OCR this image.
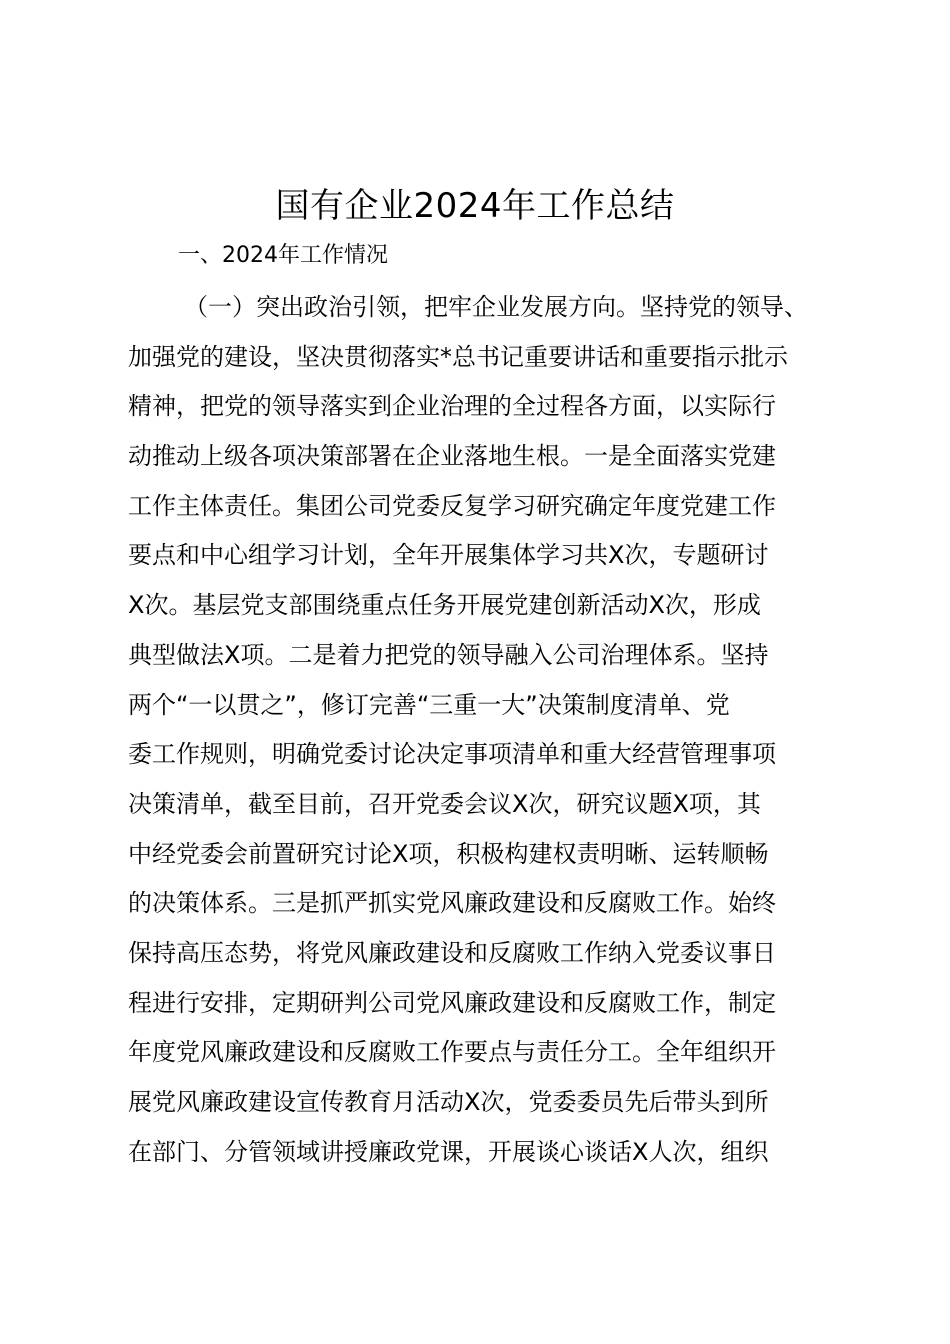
国有企业2024年工作总结
一、2024年工作情况
（一）突出政治引领，把牢企业发展方向。坚持党的领导、
加强党的建设，坚决贯彻落实*总书记重要讲话和重要指示批示
精神，把党的领导落实到企业治理的全过程各方面，以实际行
动推动上级各项决策部署在企业落地生根。一是全面落实党建
工作主体责任。集团公司党委反复学习研究确定年度党建工作
要点和中心组学习计划，全年开展集体学习共X次，专题研讨
X次。基层党支部围绕重点任务开展党建创新活动X次，形成
典型做法X项。二是着力把党的领导融入公司治理体系。坚持
两个“一以贯之”，修订完善“三重一大”决策制度清单、党
委工作规则，明确党委讨论决定事项清单和重大经营管理事项
决策清单，截至目前，召开党委会议X次，研究议题X项，其
中经党委会前置研究讨论X项，积极构建权责明晰、运转顺畅
的决策体系。三是抓严抓实党风廉政建设和反腐败工作。始终
保持高压态势，将党风廉政建设和反腐败工作纳入党委议事日
程进行安排，定期研判公司党风廉政建设和反腐败工作，制定
年度党风廉政建设和反腐败工作要点与责任分工。全年组织开
展党风廉政建设宣传教育月活动X次，党委委员先后带头到所
在部门、分管领域讲授廉政党课，开展谈心谈话X人次，组织
